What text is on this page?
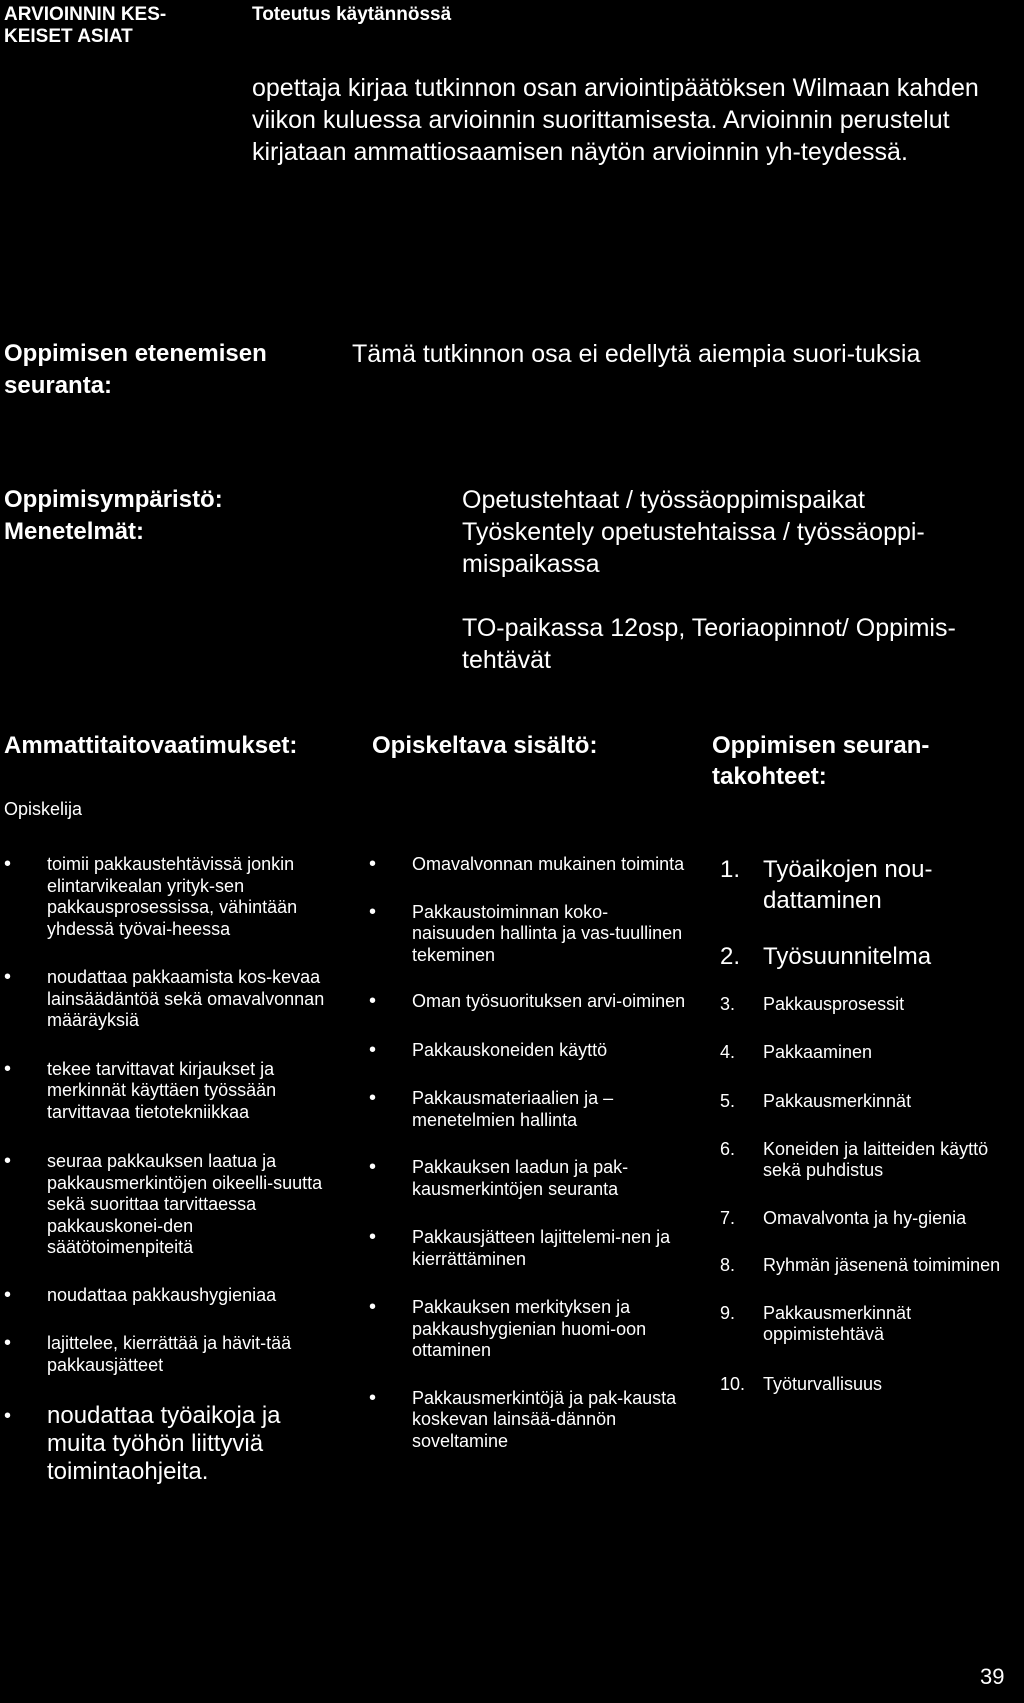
ARVIOINNIN KES-
KEISET ASIAT
Toteutus käytännössä
opettaja kirjaa tutkinnon osan arviointipäätöksen Wilmaan kahden viikon kuluessa arvioinnin suorittamisesta. Arvioinnin perustelut kirjataan ammattiosaamisen näytön arvioinnin yh-teydessä.
Oppimisen etenemisen seuranta:
Tämä tutkinnon osa ei edellytä aiempia suori-tuksia
Oppimisympäristö:
Menetelmät:
Opetustehtaat / työssäoppimispaikat
Työskentely opetustehtaissa / työssäoppi-mispaikassa
TO-paikassa 12osp, Teoriaopinnot/ Oppimis-tehtävät
Ammattitaitovaatimukset:
Opiskelija
Opiskeltava sisältö:	Oppimisen seuran-takohteet:
• toimii pakkaustehtävissä jonkin elintarvikealan yrityk-sen pakkausprosessissa, vähintään yhdessä työvai-heessa
• noudattaa pakkaamista kos-kevaa lainsäädäntöä sekä omavalvonnan määräyksiä
• tekee tarvittavat kirjaukset ja merkinnät käyttäen työssään tarvittavaa tietotekniikkaa
• seuraa pakkauksen laatua ja pakkausmerkintöjen oikeelli-suutta sekä suorittaa tarvittaessa pakkauskonei-den säätötoimenpiteitä
• noudattaa pakkaushygieniaa
• lajittelee, kierrättää ja hävit-tää pakkausjätteet
• noudattaa työaikoja ja muita työhön liittyviä toimintaohjeita.
• Omavalvonnan mukainen toiminta
• Pakkaustoiminnan koko-naisuuden hallinta ja vas-tuullinen tekeminen
• Oman työsuorituksen arvi-oiminen
• Pakkauskoneiden käyttö
• Pakkausmateriaalien ja –menetelmien hallinta
• Pakkauksen laadun ja pak-kausmerkintöjen seuranta
• Pakkausjätteen lajittelemi-nen ja kierrättäminen
• Pakkauksen merkityksen ja pakkaushygienian huomi-oon ottaminen
• Pakkausmerkintöjä ja pak-kausta koskevan lainsää-dännön soveltamine
1. Työaikojen nou-dattaminen
2. Työsuunnitelma
3. Pakkausprosessit
4. Pakkaaminen
5. Pakkausmerkinnät
6. Koneiden ja laitteiden käyttö sekä puhdistus
7. Omavalvonta ja hy-gienia
8. Ryhmän jäsenenä toimiminen
9. Pakkausmerkinnät oppimistehtävä
10. Työturvallisuus
39
